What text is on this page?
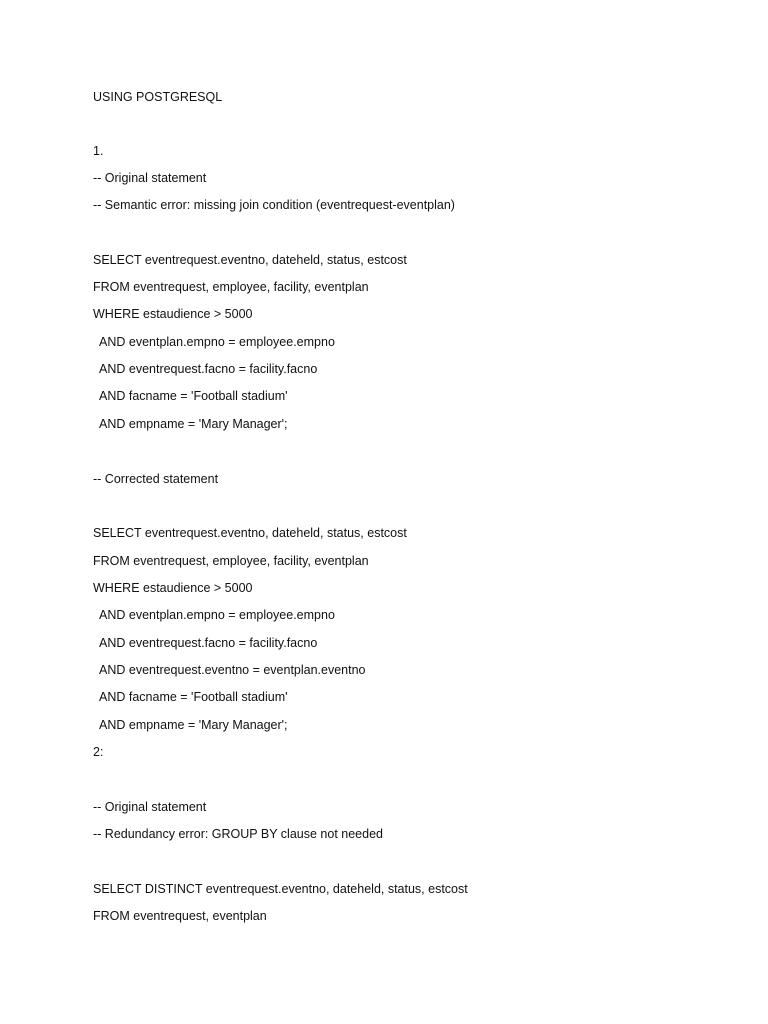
USING POSTGRESQL
1.
-- Original statement
-- Semantic error: missing join condition (eventrequest-eventplan)
SELECT eventrequest.eventno, dateheld, status, estcost
FROM eventrequest, employee, facility, eventplan
WHERE estaudience > 5000
AND eventplan.empno = employee.empno
AND eventrequest.facno = facility.facno
AND facname = 'Football stadium'
AND empname = 'Mary Manager';
-- Corrected statement
SELECT eventrequest.eventno, dateheld, status, estcost
FROM eventrequest, employee, facility, eventplan
WHERE estaudience > 5000
AND eventplan.empno = employee.empno
AND eventrequest.facno = facility.facno
AND eventrequest.eventno = eventplan.eventno
AND facname = 'Football stadium'
AND empname = 'Mary Manager';
2:
-- Original statement
-- Redundancy error: GROUP BY clause not needed
SELECT DISTINCT eventrequest.eventno, dateheld, status, estcost
FROM eventrequest, eventplan
